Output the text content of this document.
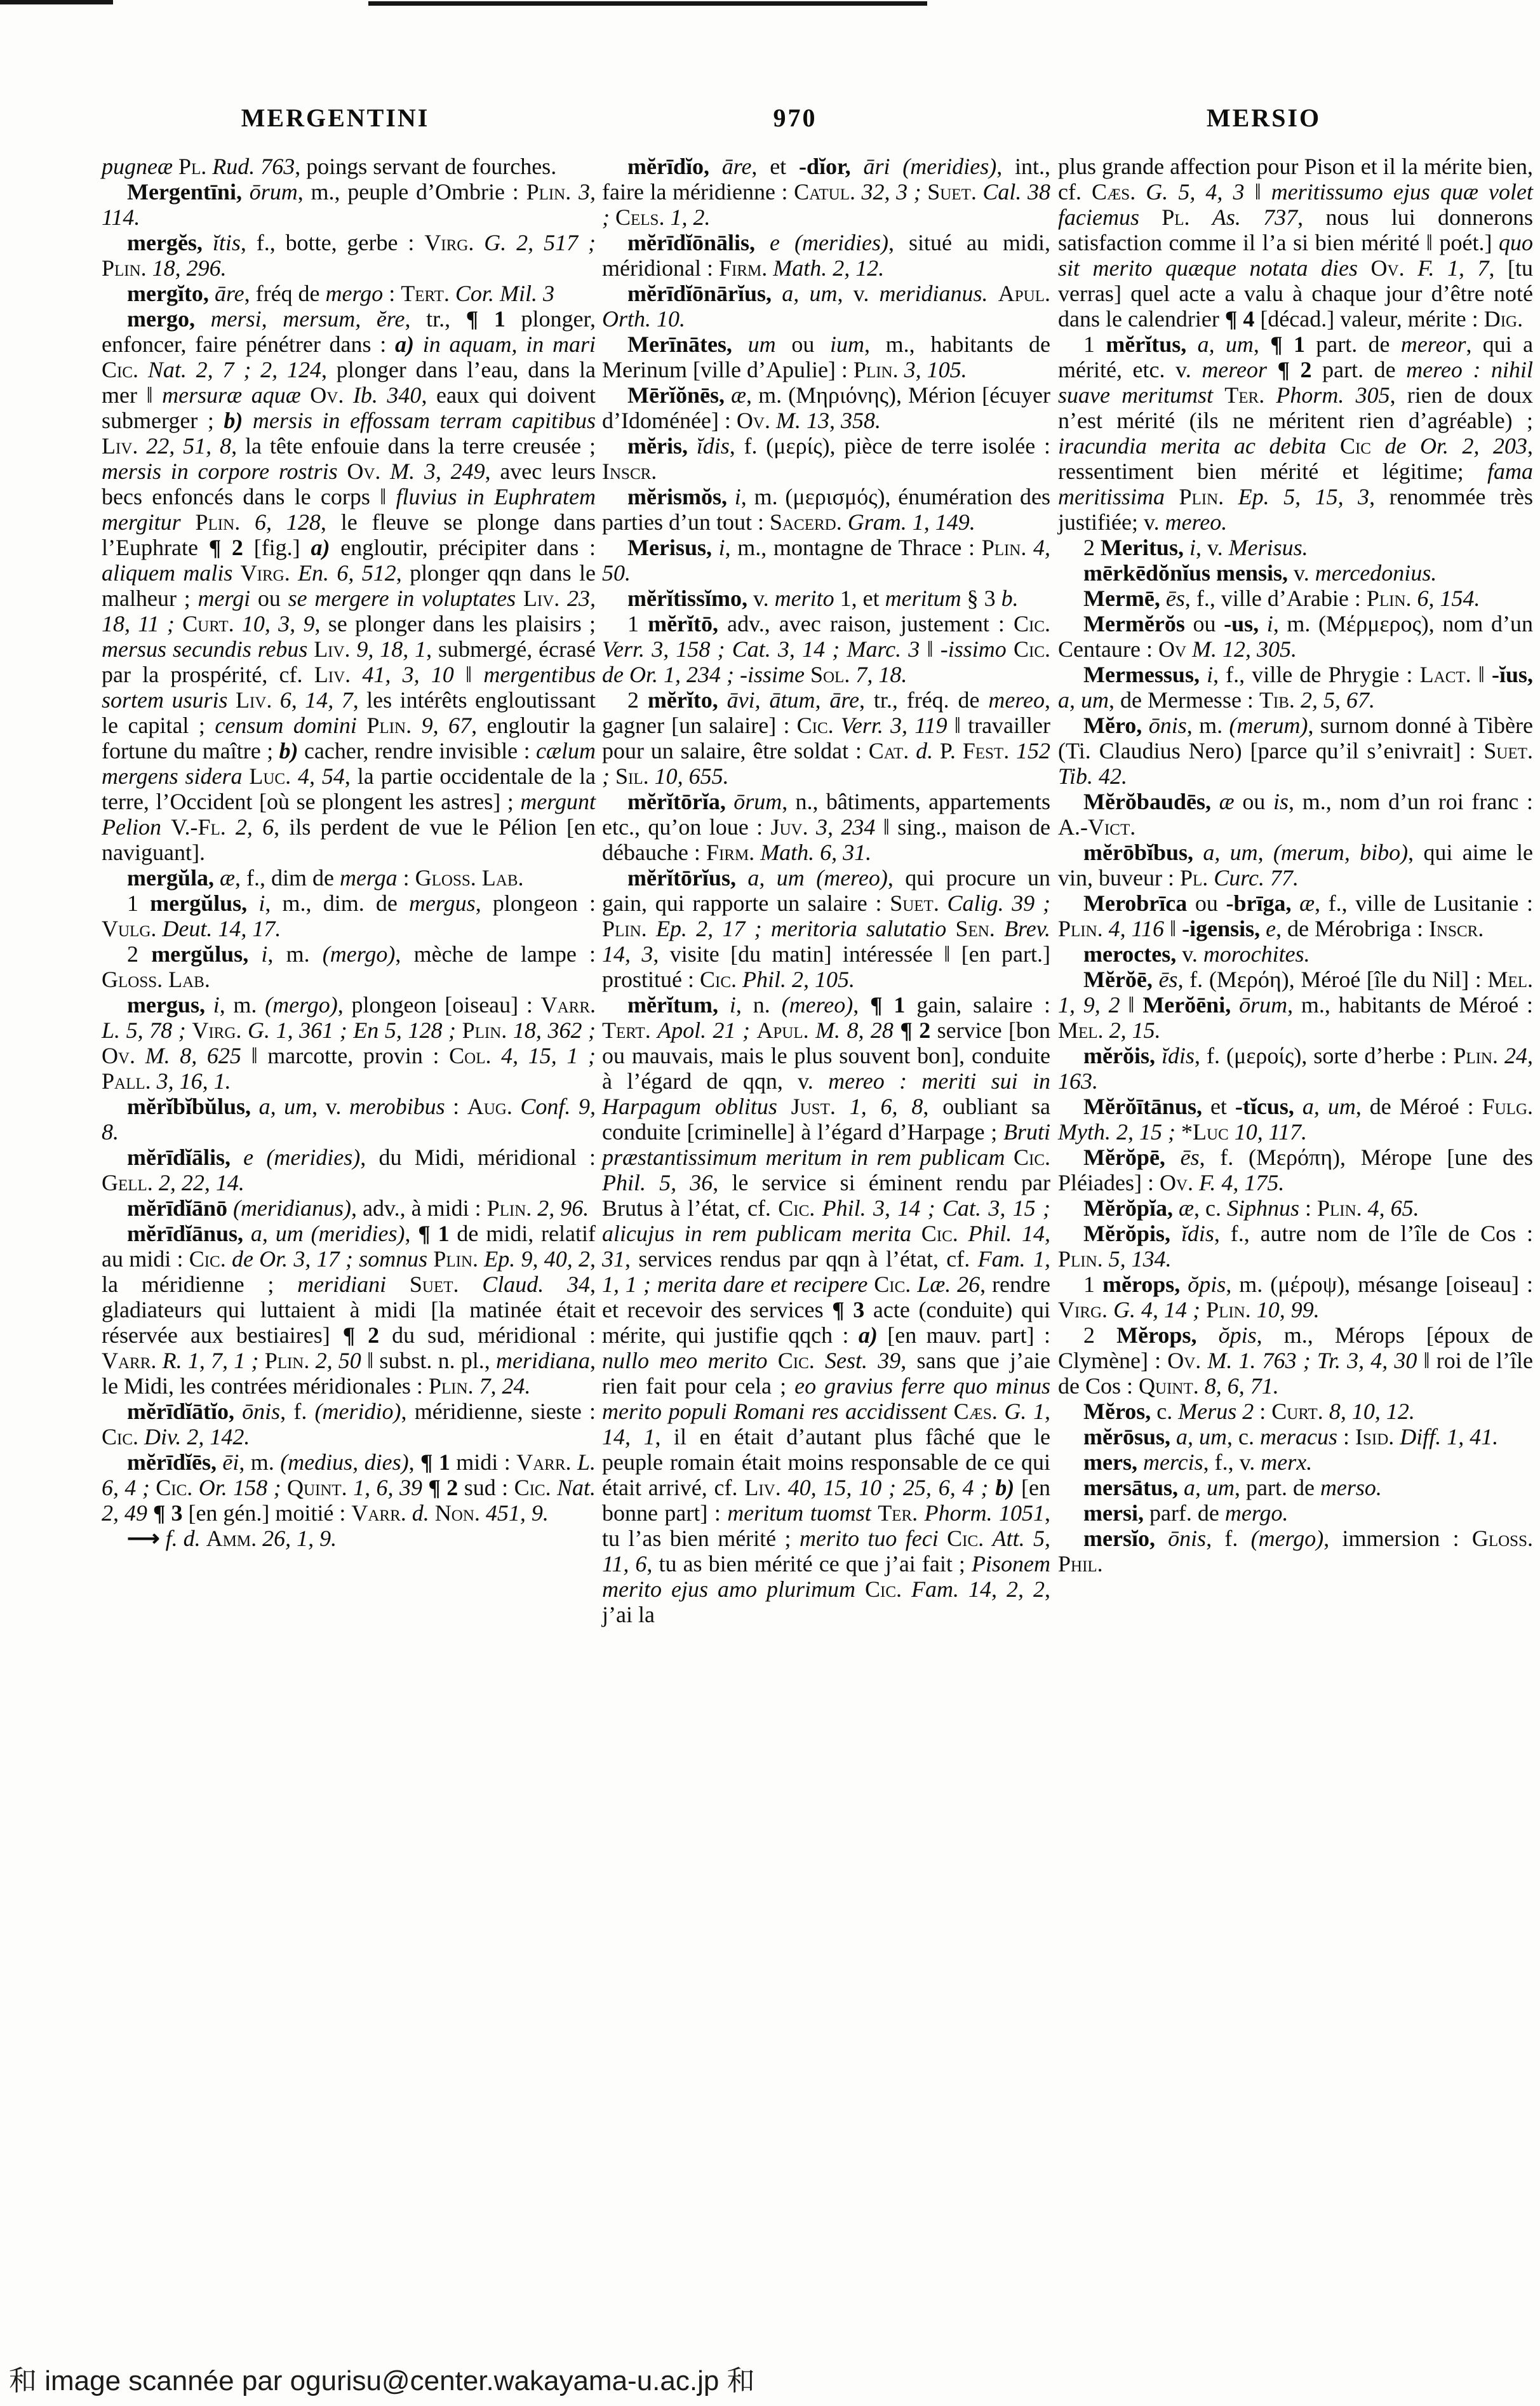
MERGENTINI	970	MERSIO

pugneæ Pl. Rud. 763, poings servant de fourches.

Mergentīni, ōrum, m., peuple d’Ombrie : Plin. 3, 114.

mergĕs, ĭtis, f., botte, gerbe : Virg. G. 2, 517 ; Plin. 18, 296.

mergĭto, āre, fréq de mergo : Tert. Cor. Mil. 3

mergo, mersi, mersum, ĕre, tr., ¶ 1 plonger, enfoncer, faire pénétrer dans : a) in aquam, in mari Cic. Nat. 2, 7 ; 2, 124, plonger dans l’eau, dans la mer ‖ mersuræ aquæ Ov. Ib. 340, eaux qui doivent submerger ; b) mersis in effossam terram capitibus Liv. 22, 51, 8, la tête enfouie dans la terre creusée ; mersis in corpore rostris Ov. M. 3, 249, avec leurs becs enfoncés dans le corps ‖ fluvius in Euphratem mergitur Plin. 6, 128, le fleuve se plonge dans l’Euphrate ¶ 2 [fig.] a) engloutir, précipiter dans : aliquem malis Virg. En. 6, 512, plonger qqn dans le malheur ; mergi ou se mergere in voluptates Liv. 23, 18, 11 ; Curt. 10, 3, 9, se plonger dans les plaisirs ; mersus secundis rebus Liv. 9, 18, 1, submergé, écrasé par la prospérité, cf. Liv. 41, 3, 10 ‖ mergentibus sortem usuris Liv. 6, 14, 7, les intérêts engloutissant le capital ; censum domini Plin. 9, 67, engloutir la fortune du maître ; b) cacher, rendre invisible : cælum mergens sidera Luc. 4, 54, la partie occidentale de la terre, l’Occident [où se plongent les astres] ; mergunt Pelion V.-Fl. 2, 6, ils perdent de vue le Pélion [en naviguant].

mergŭla, æ, f., dim de merga : Gloss. Lab.

1 mergŭlus, i, m., dim. de mergus, plongeon : Vulg. Deut. 14, 17.

2 mergŭlus, i, m. (mergo), mèche de lampe : Gloss. Lab.

mergus, i, m. (mergo), plongeon [oiseau] : Varr. L. 5, 78 ; Virg. G. 1, 361 ; En 5, 128 ; Plin. 18, 362 ; Ov. M. 8, 625 ‖ marcotte, provin : Col. 4, 15, 1 ; Pall. 3, 16, 1.

mĕrĭbĭbŭlus, a, um, v. merobibus : Aug. Conf. 9, 8.

mĕrīdĭālis, e (meridies), du Midi, méridional : Gell. 2, 22, 14.

mĕrīdĭānō (meridianus), adv., à midi : Plin. 2, 96.

mĕrīdĭānus, a, um (meridies), ¶ 1 de midi, relatif au midi : Cic. de Or. 3, 17 ; somnus Plin. Ep. 9, 40, 2, la méridienne ; meridiani Suet. Claud. 34, gladiateurs qui luttaient à midi [la matinée était réservée aux bestiaires] ¶ 2 du sud, méridional : Varr. R. 1, 7, 1 ; Plin. 2, 50 ‖ subst. n. pl., meridiana, le Midi, les contrées méridionales : Plin. 7, 24.

mĕrīdĭātĭo, ōnis, f. (meridio), méridienne, sieste : Cic. Div. 2, 142.

mĕrīdĭēs, ēi, m. (medius, dies), ¶ 1 midi : Varr. L. 6, 4 ; Cic. Or. 158 ; Quint. 1, 6, 39 ¶ 2 sud : Cic. Nat. 2, 49 ¶ 3 [en gén.] moitié : Varr. d. Non. 451, 9.

⟶ f. d. Amm. 26, 1, 9.

mĕrīdĭo, āre, et -dĭor, āri (meridies), int., faire la méridienne : Catul. 32, 3 ; Suet. Cal. 38 ; Cels. 1, 2.

mĕrīdĭōnālis, e (meridies), situé au midi, méridional : Firm. Math. 2, 12.

mĕrīdĭōnārĭus, a, um, v. meridianus. Apul. Orth. 10.

Merīnātes, um ou ium, m., habitants de Merinum [ville d’Apulie] : Plin. 3, 105.

Mērĭŏnēs, æ, m. (Μηριόνης), Mérion [écuyer d’Idoménée] : Ov. M. 13, 358.

mĕris, ĭdis, f. (μερίς), pièce de terre isolée : Inscr.

mĕrismŏs, i, m. (μερισμός), énumération des parties d’un tout : Sacerd. Gram. 1, 149.

Merisus, i, m., montagne de Thrace : Plin. 4, 50.

mĕrĭtissĭmo, v. merito 1, et meritum § 3 b.

1 mĕrĭtō, adv., avec raison, justement : Cic. Verr. 3, 158 ; Cat. 3, 14 ; Marc. 3 ‖ -issimo Cic. de Or. 1, 234 ; -issime Sol. 7, 18.

2 mĕrĭto, āvi, ātum, āre, tr., fréq. de mereo, gagner [un salaire] : Cic. Verr. 3, 119 ‖ travailler pour un salaire, être soldat : Cat. d. P. Fest. 152 ; Sil. 10, 655.

mĕrĭtōrĭa, ōrum, n., bâtiments, appartements etc., qu’on loue : Juv. 3, 234 ‖ sing., maison de débauche : Firm. Math. 6, 31.

mĕrĭtōrĭus, a, um (mereo), qui procure un gain, qui rapporte un salaire : Suet. Calig. 39 ; Plin. Ep. 2, 17 ; meritoria salutatio Sen. Brev. 14, 3, visite [du matin] intéressée ‖ [en part.] prostitué : Cic. Phil. 2, 105.

mĕrĭtum, i, n. (mereo), ¶ 1 gain, salaire : Tert. Apol. 21 ; Apul. M. 8, 28 ¶ 2 service [bon ou mauvais, mais le plus souvent bon], conduite à l’égard de qqn, v. mereo : meriti sui in Harpagum oblitus Just. 1, 6, 8, oubliant sa conduite [criminelle] à l’égard d’Harpage ; Bruti præstantissimum meritum in rem publicam Cic. Phil. 5, 36, le service si éminent rendu par Brutus à l’état, cf. Cic. Phil. 3, 14 ; Cat. 3, 15 ; alicujus in rem publicam merita Cic. Phil. 14, 31, services rendus par qqn à l’état, cf. Fam. 1, 1, 1 ; merita dare et recipere Cic. Læ. 26, rendre et recevoir des services ¶ 3 acte (conduite) qui mérite, qui justifie qqch : a) [en mauv. part] : nullo meo merito Cic. Sest. 39, sans que j’aie rien fait pour cela ; eo gravius ferre quo minus merito populi Romani res accidissent Cæs. G. 1, 14, 1, il en était d’autant plus fâché que le peuple romain était moins responsable de ce qui était arrivé, cf. Liv. 40, 15, 10 ; 25, 6, 4 ; b) [en bonne part] : meritum tuomst Ter. Phorm. 1051, tu l’as bien mérité ; merito tuo feci Cic. Att. 5, 11, 6, tu as bien mérité ce que j’ai fait ; Pisonem merito ejus amo plurimum Cic. Fam. 14, 2, 2, j’ai la

plus grande affection pour Pison et il la mérite bien, cf. Cæs. G. 5, 4, 3 ‖ meritissumo ejus quæ volet faciemus Pl. As. 737, nous lui donnerons satisfaction comme il l’a si bien mérité ‖ poét.] quo sit merito quæque notata dies Ov. F. 1, 7, [tu verras] quel acte a valu à chaque jour d’être noté dans le calendrier ¶ 4 [décad.] valeur, mérite : Dig.

1 mĕrĭtus, a, um, ¶ 1 part. de mereor, qui a mérité, etc. v. mereor ¶ 2 part. de mereo : nihil suave meritumst Ter. Phorm. 305, rien de doux n’est mérité (ils ne méritent rien d’agréable) ; iracundia merita ac debita Cic de Or. 2, 203, ressentiment bien mérité et légitime; fama meritissima Plin. Ep. 5, 15, 3, renommée très justifiée; v. mereo.

2 Meritus, i, v. Merisus.

mērkēdŏnĭus mensis, v. mercedonius.

Mermē, ēs, f., ville d’Arabie : Plin. 6, 154.

Mermĕrŏs ou -us, i, m. (Μέρμερος), nom d’un Centaure : Ov M. 12, 305.

Mermessus, i, f., ville de Phrygie : Lact. ‖ -ĭus, a, um, de Mermesse : Tib. 2, 5, 67.

Mĕro, ōnis, m. (merum), surnom donné à Tibère (Ti. Claudius Nero) [parce qu’il s’enivrait] : Suet. Tib. 42.

Mĕrŏbaudēs, æ ou is, m., nom d’un roi franc : A.-Vict.

mĕrōbĭbus, a, um, (merum, bibo), qui aime le vin, buveur : Pl. Curc. 77.

Merobrīca ou -brīga, æ, f., ville de Lusitanie : Plin. 4, 116 ‖ -igensis, e, de Mérobriga : Inscr.

meroctes, v. morochites.

Mĕrŏē, ēs, f. (Μερόη), Méroé [île du Nil] : Mel. 1, 9, 2 ‖ Merŏēni, ōrum, m., habitants de Méroé : Mel. 2, 15.

mĕrŏis, ĭdis, f. (μεροίς), sorte d’herbe : Plin. 24, 163.

Mĕrŏītānus, et -tĭcus, a, um, de Méroé : Fulg. Myth. 2, 15 ; *Luc 10, 117.

Mĕrŏpē, ēs, f. (Μερόπη), Mérope [une des Pléiades] : Ov. F. 4, 175.

Mĕrŏpĭa, æ, c. Siphnus : Plin. 4, 65.

Mĕrŏpis, ĭdis, f., autre nom de l’île de Cos : Plin. 5, 134.

1 mĕrops, ŏpis, m. (μέροψ), mésange [oiseau] : Virg. G. 4, 14 ; Plin. 10, 99.

2 Mĕrops, ŏpis, m., Mérops [époux de Clymène] : Ov. M. 1. 763 ; Tr. 3, 4, 30 ‖ roi de l’île de Cos : Quint. 8, 6, 71.

Mĕros, c. Merus 2 : Curt. 8, 10, 12.

mĕrōsus, a, um, c. meracus : Isid. Diff. 1, 41.

mers, mercis, f., v. merx.

mersātus, a, um, part. de merso.

mersi, parf. de mergo.

mersĭo, ōnis, f. (mergo), immersion : Gloss. Phil.

和 image scannée par ogurisu@center.wakayama-u.ac.jp 和
